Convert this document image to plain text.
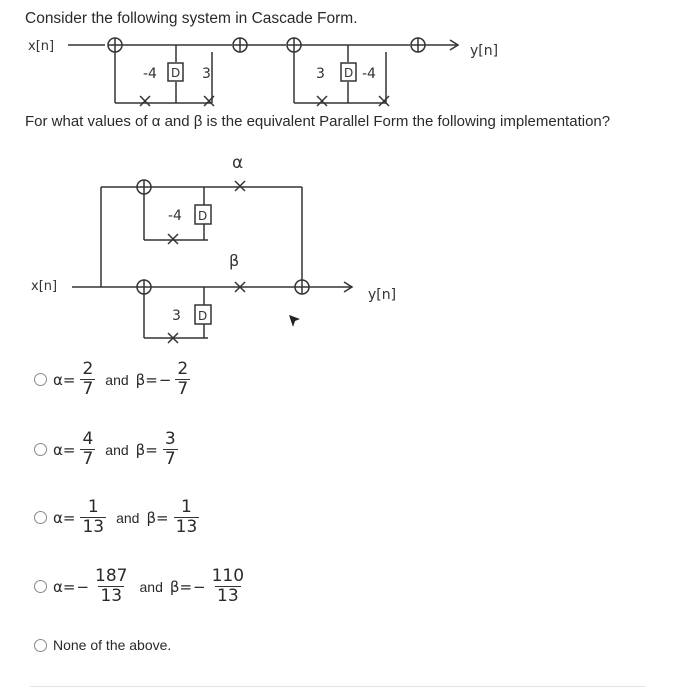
Consider the following system in Cascade Form.
x[n]	y[n]
D
-4	3	D
3	-4
x[n]
D
-4
D
3
α
β
y[n]
For what values of α and β is the equivalent Parallel Form the following implementation?
$\alpha = \frac{2}{7}$ and β = − $\frac{2}{7}$
$\alpha = \frac{4}{7}$ and $\beta = \frac{3}{7}$
$\alpha = \frac{1}{13}$ and $\beta = \frac{1}{13}$
α = − $\frac{187}{13}$ and β = − $\frac{110}{13}$
None of the above.
